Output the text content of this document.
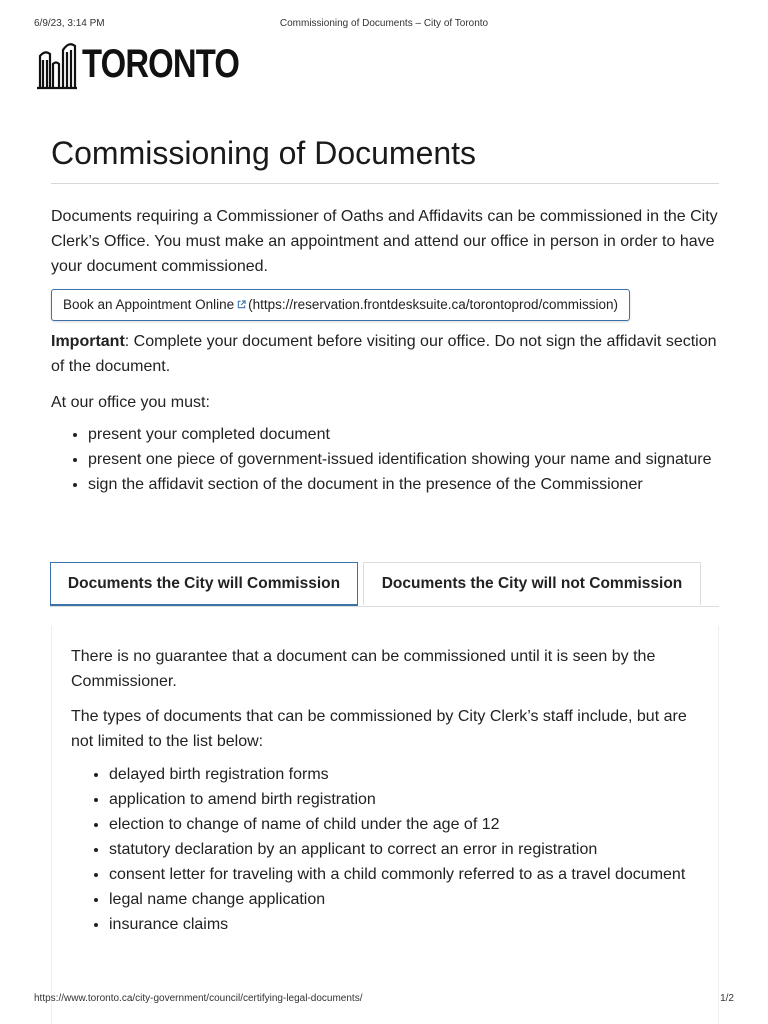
6/9/23, 3:14 PM	Commissioning of Documents – City of Toronto
TORONTO
Commissioning of Documents

Documents requiring a Commissioner of Oaths and Affidavits can be commissioned in the City Clerk’s Office. You must make an appointment and attend our office in person in order to have your document commissioned.

Book an Appointment Online (https://reservation.frontdesksuite.ca/torontoprod/commission)

Important: Complete your document before visiting our office. Do not sign the affidavit section of the document.

At our office you must:

• present your completed document
• present one piece of government-issued identification showing your name and signature
• sign the affidavit section of the document in the presence of the Commissioner
Documents the City will Commission	Documents the City will not Commission

There is no guarantee that a document can be commissioned until it is seen by the Commissioner.

The types of documents that can be commissioned by City Clerk’s staff include, but are not limited to the list below:

• delayed birth registration forms
• application to amend birth registration
• election to change of name of child under the age of 12
• statutory declaration by an applicant to correct an error in registration
• consent letter for traveling with a child commonly referred to as a travel document
• legal name change application
• insurance claims
https://www.toronto.ca/city-government/council/certifying-legal-documents/	1/2
